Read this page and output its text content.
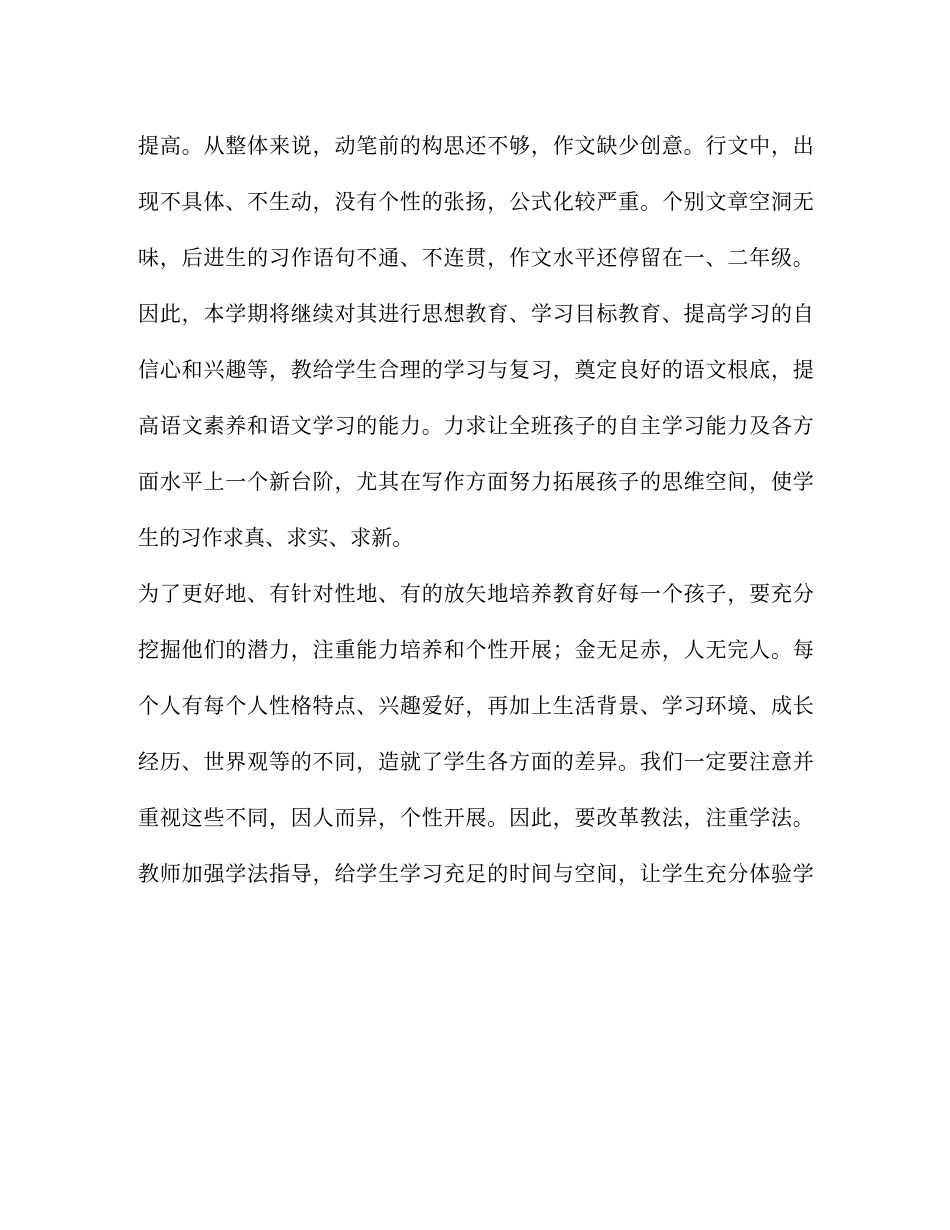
提高。从整体来说，动笔前的构思还不够，作文缺少创意。行文中，出
现不具体、不生动，没有个性的张扬，公式化较严重。个别文章空洞无
味，后进生的习作语句不通、不连贯，作文水平还停留在一、二年级。
因此，本学期将继续对其进行思想教育、学习目标教育、提高学习的自
信心和兴趣等，教给学生合理的学习与复习，奠定良好的语文根底，提
高语文素养和语文学习的能力。力求让全班孩子的自主学习能力及各方
面水平上一个新台阶，尤其在写作方面努力拓展孩子的思维空间，使学
生的习作求真、求实、求新。
为了更好地、有针对性地、有的放矢地培养教育好每一个孩子，要充分
挖掘他们的潜力，注重能力培养和个性开展；金无足赤，人无完人。每
个人有每个人性格特点、兴趣爱好，再加上生活背景、学习环境、成长
经历、世界观等的不同，造就了学生各方面的差异。我们一定要注意并
重视这些不同，因人而异，个性开展。因此，要改革教法，注重学法。
教师加强学法指导，给学生学习充足的时间与空间，让学生充分体验学
